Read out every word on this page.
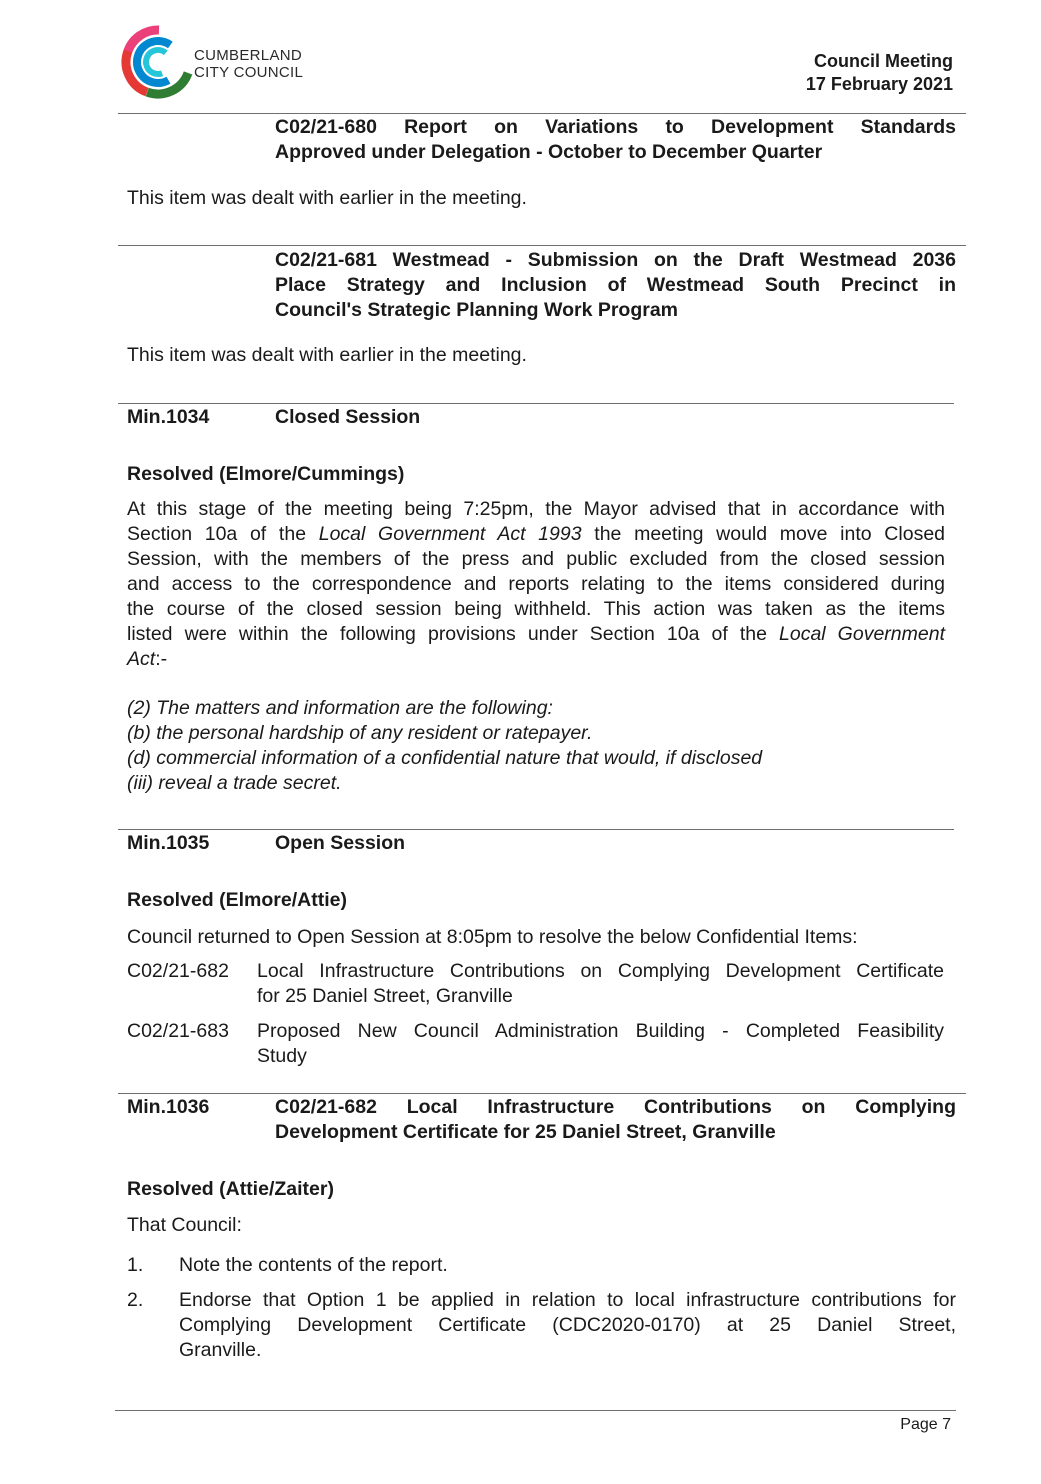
CUMBERLAND
CITY COUNCIL
Council Meeting
17 February 2021
C02/21-680 Report on Variations to Development Standards
Approved under Delegation - October to December Quarter
This item was dealt with earlier in the meeting.
C02/21-681 Westmead - Submission on the Draft Westmead 2036
Place Strategy and Inclusion of Westmead South Precinct in
Council's Strategic Planning Work Program
This item was dealt with earlier in the meeting.
Min.1034	Closed Session
Resolved (Elmore/Cummings)
At this stage of the meeting being 7:25pm, the Mayor advised that in accordance with
Section 10a of the Local Government Act 1993 the meeting would move into Closed
Session, with the members of the press and public excluded from the closed session
and access to the correspondence and reports relating to the items considered during
the course of the closed session being withheld. This action was taken as the items
listed were within the following provisions under Section 10a of the Local Government
Act:-
(2) The matters and information are the following:
(b) the personal hardship of any resident or ratepayer.
(d) commercial information of a confidential nature that would, if disclosed
(iii) reveal a trade secret.
Min.1035	Open Session
Resolved (Elmore/Attie)
Council returned to Open Session at 8:05pm to resolve the below Confidential Items:
C02/21-682 Local Infrastructure Contributions on Complying Development Certificate
for 25 Daniel Street, Granville
C02/21-683 Proposed New Council Administration Building - Completed Feasibility
Study
Min.1036	C02/21-682 Local Infrastructure Contributions on Complying
Development Certificate for 25 Daniel Street, Granville
Resolved (Attie/Zaiter)
That Council:
1. Note the contents of the report.
2. Endorse that Option 1 be applied in relation to local infrastructure contributions for
Complying Development Certificate (CDC2020-0170) at 25 Daniel Street,
Granville.
Page 7
